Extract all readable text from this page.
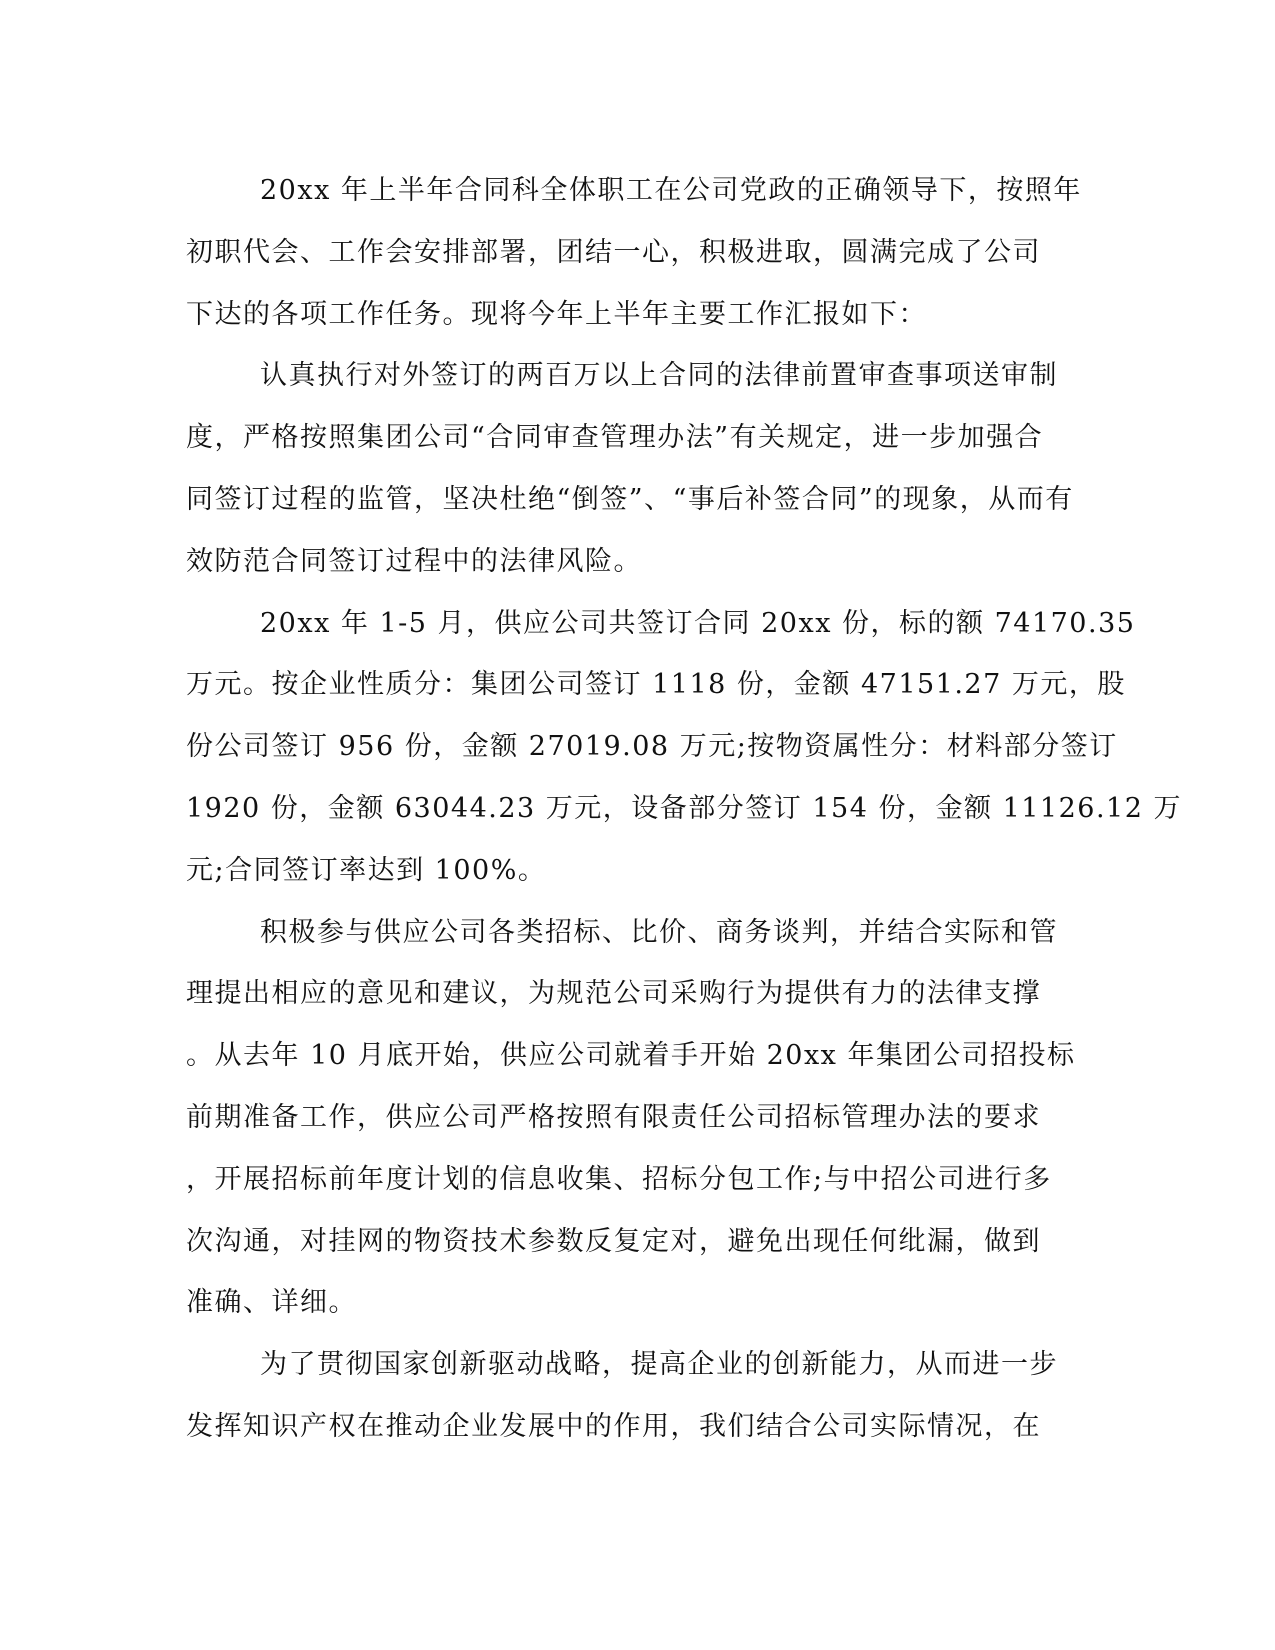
20xx 年上半年合同科全体职工在公司党政的正确领导下，按照年
初职代会、工作会安排部署，团结一心，积极进取，圆满完成了公司
下达的各项工作任务。现将今年上半年主要工作汇报如下：
认真执行对外签订的两百万以上合同的法律前置审查事项送审制
度，严格按照集团公司“合同审查管理办法”有关规定，进一步加强合
同签订过程的监管，坚决杜绝“倒签”、“事后补签合同”的现象，从而有
效防范合同签订过程中的法律风险。
20xx 年 1-5 月，供应公司共签订合同 20xx 份，标的额 74170.35
万元。按企业性质分：集团公司签订 1118 份，金额 47151.27 万元，股
份公司签订 956 份，金额 27019.08 万元;按物资属性分：材料部分签订
1920 份，金额 63044.23 万元，设备部分签订 154 份，金额 11126.12 万
元;合同签订率达到 100%。
积极参与供应公司各类招标、比价、商务谈判，并结合实际和管
理提出相应的意见和建议，为规范公司采购行为提供有力的法律支撑
。从去年 10 月底开始，供应公司就着手开始 20xx 年集团公司招投标
前期准备工作，供应公司严格按照有限责任公司招标管理办法的要求
，开展招标前年度计划的信息收集、招标分包工作;与中招公司进行多
次沟通，对挂网的物资技术参数反复定对，避免出现任何纰漏，做到
准确、详细。
为了贯彻国家创新驱动战略，提高企业的创新能力，从而进一步
发挥知识产权在推动企业发展中的作用，我们结合公司实际情况，在
